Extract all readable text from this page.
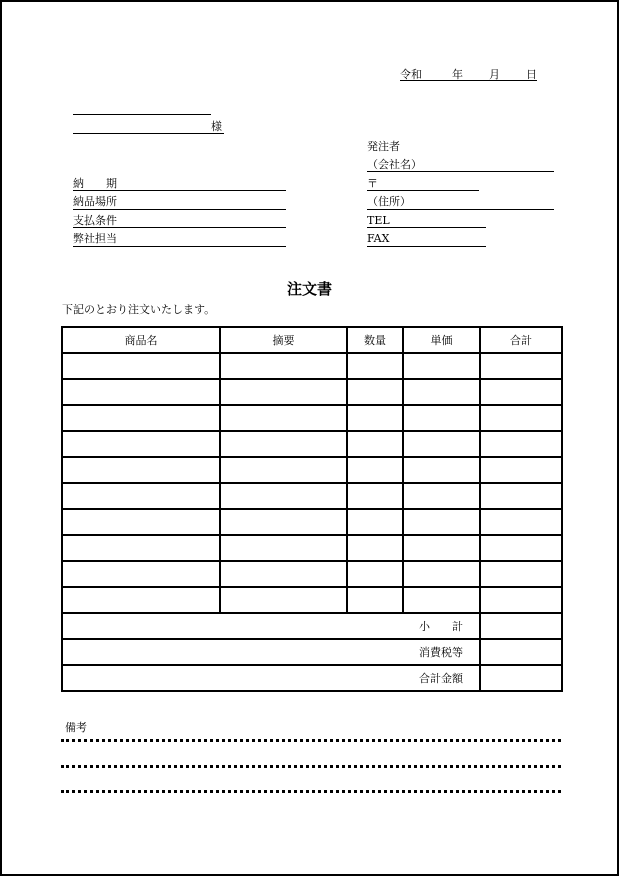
令和	年 月 日
様
納　　期
納品場所
支払条件
弊社担当
発注者
（会社名）
〒
（住所）
TEL
FAX
注文書
下記のとおり注文いたします。
商品名	摘要	数量	単価	合計

小　　計				
消費税等				
合計金額				
備考
